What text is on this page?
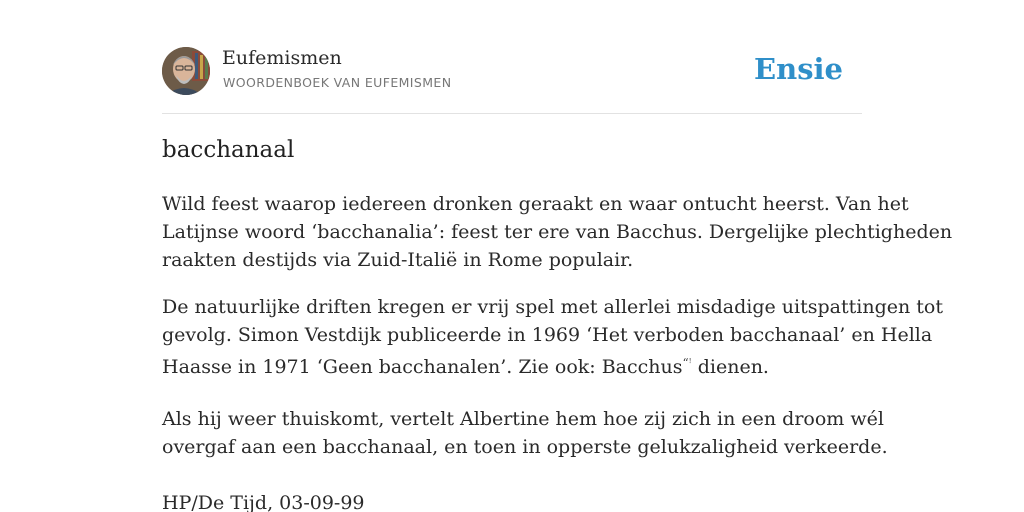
Eufemismen
WOORDENBOEK VAN EUFEMISMEN	Ensie
bacchanaal
Wild feest waarop iedereen dronken geraakt en waar ontucht heerst. Van het
Latijnse woord ‘bacchanalia’: feest ter ere van Bacchus. Dergelijke plechtigheden
raakten destijds via Zuid-Italië in Rome populair.
De natuurlijke driften kregen er vrij spel met allerlei misdadige uitspattingen tot
gevolg. Simon Vestdijk publiceerde in 1969 ‘Het verboden bacchanaal’ en Hella
Haasse in 1971 ‘Geen bacchanalen’. Zie ook: Bacchus$^{“ꜝ}$ dienen.
Als hij weer thuiskomt, vertelt Albertine hem hoe zij zich in een droom wél
overgaf aan een bacchanaal, en toen in opperste gelukzaligheid verkeerde.
HP/De Tijd, 03-09-99
